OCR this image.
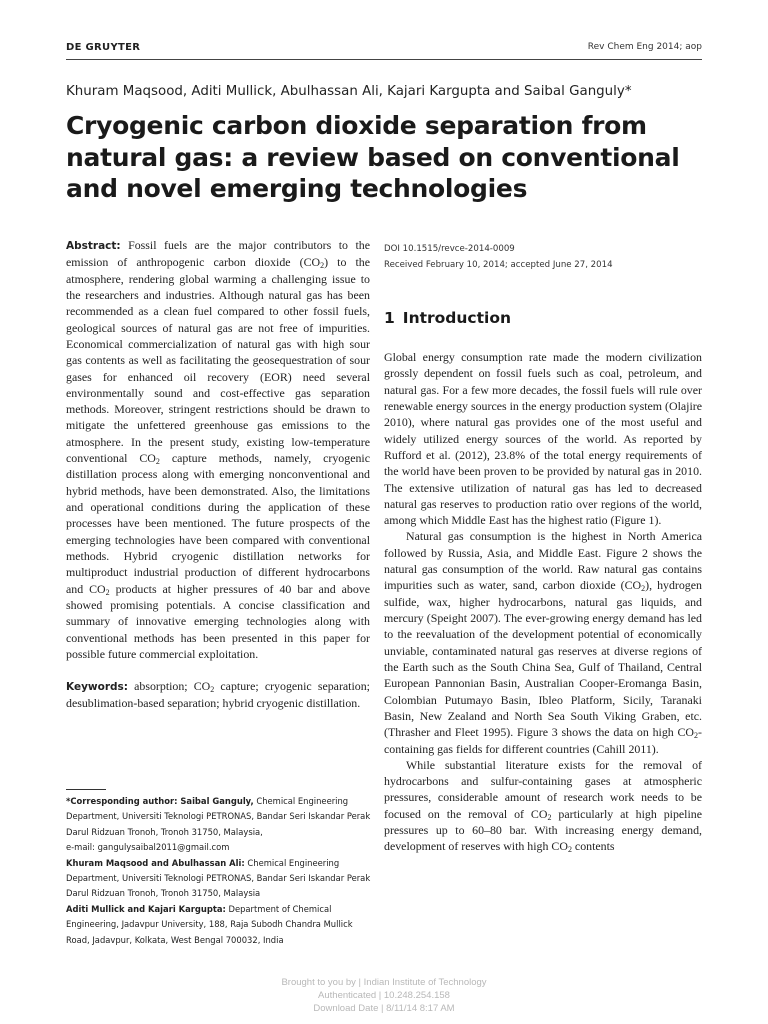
DE GRUYTER	Rev Chem Eng 2014; aop
Khuram Maqsood, Aditi Mullick, Abulhassan Ali, Kajari Kargupta and Saibal Ganguly*
Cryogenic carbon dioxide separation from natural gas: a review based on conventional and novel emerging technologies

Abstract: Fossil fuels are the major contributors to the emission of anthropogenic carbon dioxide $(CO_2)$ to the atmosphere, rendering global warming a challenging issue to the researchers and industries. Although natural gas has been recommended as a clean fuel compared to other fossil fuels, geological sources of natural gas are not free of impurities. Economical commercialization of natural gas with high sour gas contents as well as facilitating the geosequestration of sour gases for enhanced oil recovery (EOR) need several environmentally sound and cost-effective gas separation methods. Moreover, stringent restrictions should be drawn to mitigate the unfettered greenhouse gas emissions to the atmosphere. In the present study, existing low-temperature conventional $CO_2$ capture methods, namely, cryogenic distillation process along with emerging nonconventional and hybrid methods, have been demonstrated. Also, the limitations and operational conditions during the application of these processes have been mentioned. The future prospects of the emerging technologies have been compared with conventional methods. Hybrid cryogenic distillation networks for multiproduct industrial production of different hydrocarbons and $CO_2$ products at higher pressures of 40 bar and above showed promising potentials. A concise classification and summary of innovative emerging technologies along with conventional methods has been presented in this paper for possible future commercial exploitation.

Keywords: absorption; $CO_2$ capture; cryogenic separation; desublimation-based separation; hybrid cryogenic distillation.

*Corresponding author: Saibal Ganguly, Chemical Engineering Department, Universiti Teknologi PETRONAS, Bandar Seri Iskandar Perak Darul Ridzuan Tronoh, Tronoh 31750, Malaysia,

e-mail: gangulysaibal2011@gmail.com

Khuram Maqsood and Abulhassan Ali: Chemical Engineering Department, Universiti Teknologi PETRONAS, Bandar Seri Iskandar Perak Darul Ridzuan Tronoh, Tronoh 31750, Malaysia

Aditi Mullick and Kajari Kargupta: Department of Chemical Engineering, Jadavpur University, 188, Raja Subodh Chandra Mullick Road, Jadavpur, Kolkata, West Bengal 700032, India

DOI 10.1515/revce-2014-0009
Received February 10, 2014; accepted June 27, 2014
1 Introduction

Global energy consumption rate made the modern civilization grossly dependent on fossil fuels such as coal, petroleum, and natural gas. For a few more decades, the fossil fuels will rule over renewable energy sources in the energy production system (Olajire 2010), where natural gas provides one of the most useful and widely utilized energy sources of the world. As reported by Rufford et al. (2012), 23.8% of the total energy requirements of the world have been proven to be provided by natural gas in 2010. The extensive utilization of natural gas has led to decreased natural gas reserves to production ratio over regions of the world, among which Middle East has the highest ratio (Figure 1).

Natural gas consumption is the highest in North America followed by Russia, Asia, and Middle East. Figure 2 shows the natural gas consumption of the world. Raw natural gas contains impurities such as water, sand, carbon dioxide $(CO_2)$, hydrogen sulfide, wax, higher hydrocarbons, natural gas liquids, and mercury (Speight 2007). The ever-growing energy demand has led to the reevaluation of the development potential of economically unviable, contaminated natural gas reserves at diverse regions of the Earth such as the South China Sea, Gulf of Thailand, Central European Pannonian Basin, Australian Cooper-Eromanga Basin, Colombian Putumayo Basin, Ibleo Platform, Sicily, Taranaki Basin, New Zealand and North Sea South Viking Graben, etc. (Thrasher and Fleet 1995). Figure 3 shows the data on high $CO_2$-containing gas fields for different countries (Cahill 2011).

While substantial literature exists for the removal of hydrocarbons and sulfur-containing gases at atmospheric pressures, considerable amount of research work needs to be focused on the removal of $CO_2$ particularly at high pipeline pressures up to 60–80 bar. With increasing energy demand, development of reserves with high $CO_2$ contents

Brought to you by | Indian Institute of Technology
Authenticated | 10.248.254.158
Download Date | 8/11/14 8:17 AM
